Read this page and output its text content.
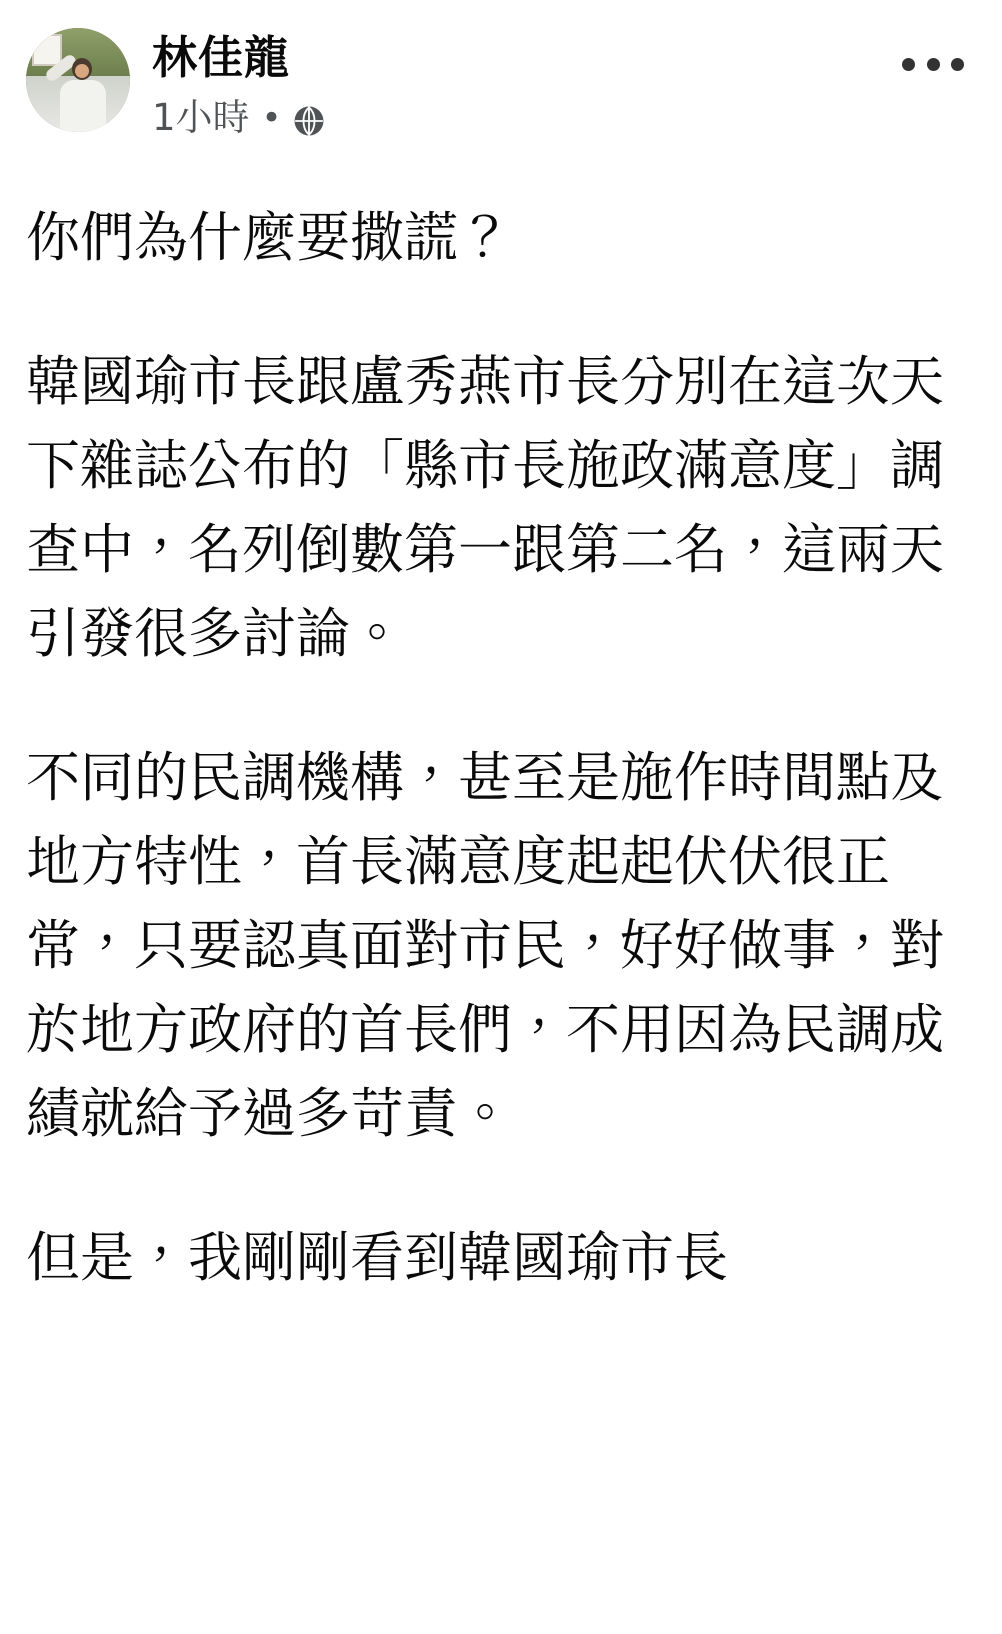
林佳龍
1小時 •

你們為什麼要撒謊？

韓國瑜市長跟盧秀燕市長分別在這次天下雜誌公布的「縣市長施政滿意度」調查中，名列倒數第一跟第二名，這兩天引發很多討論。

不同的民調機構，甚至是施作時間點及地方特性，首長滿意度起起伏伏很正常，只要認真面對市民，好好做事，對於地方政府的首長們，不用因為民調成績就給予過多苛責。

但是，我剛剛看到韓國瑜市長
